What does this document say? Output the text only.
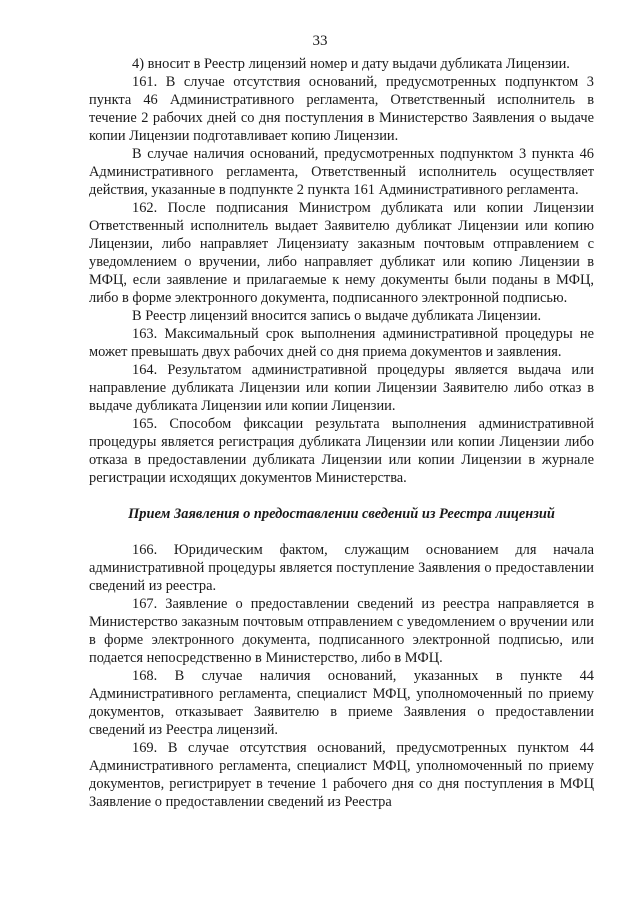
33

4) вносит в Реестр лицензий номер и дату выдачи дубликата Лицензии.

161. В случае отсутствия оснований, предусмотренных подпунктом 3 пункта 46 Административного регламента, Ответственный исполнитель в течение 2 рабочих дней со дня поступления в Министерство Заявления о выдаче копии Лицензии подготавливает копию Лицензии.

В случае наличия оснований, предусмотренных подпунктом 3 пункта 46 Административного регламента, Ответственный исполнитель осуществляет действия, указанные в подпункте 2 пункта 161 Административного регламента.

162. После подписания Министром дубликата или копии Лицензии Ответственный исполнитель выдает Заявителю дубликат Лицензии или копию Лицензии, либо направляет Лицензиату заказным почтовым отправлением с уведомлением о вручении, либо направляет дубликат или копию Лицензии в МФЦ, если заявление и прилагаемые к нему документы были поданы в МФЦ, либо в форме электронного документа, подписанного электронной подписью.

В Реестр лицензий вносится запись о выдаче дубликата Лицензии.

163. Максимальный срок выполнения административной процедуры не может превышать двух рабочих дней со дня приема документов и заявления.

164. Результатом административной процедуры является выдача или направление дубликата Лицензии или копии Лицензии Заявителю либо отказ в выдаче дубликата Лицензии или копии Лицензии.

165. Способом фиксации результата выполнения административной процедуры является регистрация дубликата Лицензии или копии Лицензии либо отказа в предоставлении дубликата Лицензии или копии Лицензии в журнале регистрации исходящих документов Министерства.

Прием Заявления о предоставлении сведений из Реестра лицензий

166. Юридическим фактом, служащим основанием для начала административной процедуры является поступление Заявления о предоставлении сведений из реестра.

167. Заявление о предоставлении сведений из реестра направляется в Министерство заказным почтовым отправлением с уведомлением о вручении или в форме электронного документа, подписанного электронной подписью, или подается непосредственно в Министерство, либо в МФЦ.

168. В случае наличия оснований, указанных в пункте 44 Административного регламента, специалист МФЦ, уполномоченный по приему документов, отказывает Заявителю в приеме Заявления о предоставлении сведений из Реестра лицензий.

169. В случае отсутствия оснований, предусмотренных пунктом 44 Административного регламента, специалист МФЦ, уполномоченный по приему документов, регистрирует в течение 1 рабочего дня со дня поступления в МФЦ Заявление о предоставлении сведений из Реестра
